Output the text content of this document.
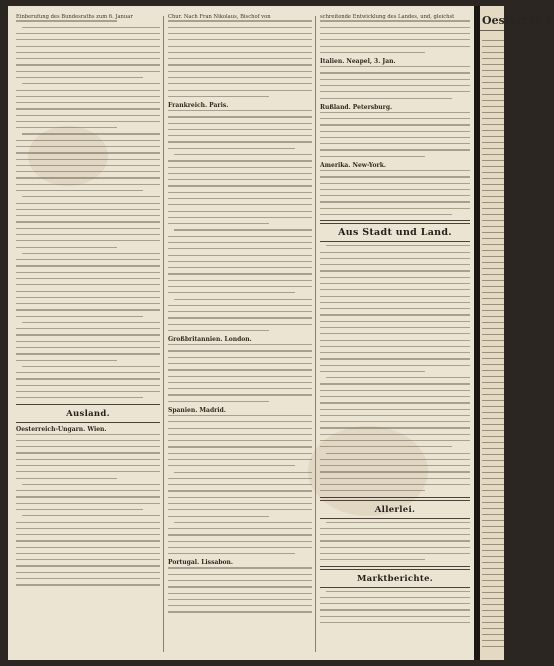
Einberufung des Bundesraths zum 6. Januar

Ausland.
Oesterreich-Ungarn. Wien.

Chur. Nach Fran Nikolaus, Bischof von

Frankreich. Paris.
Großbritannien. London.
Spanien. Madrid.
Portugal. Lissabon.

schreitende Entwicklung des Landes, und, gleichst

Italien. Neapel, 3. Jan.
Rußland. Petersburg.
Amerika. New-York.
Aus Stadt und Land.
Allerlei.
Marktberichte.
Oesterreich
